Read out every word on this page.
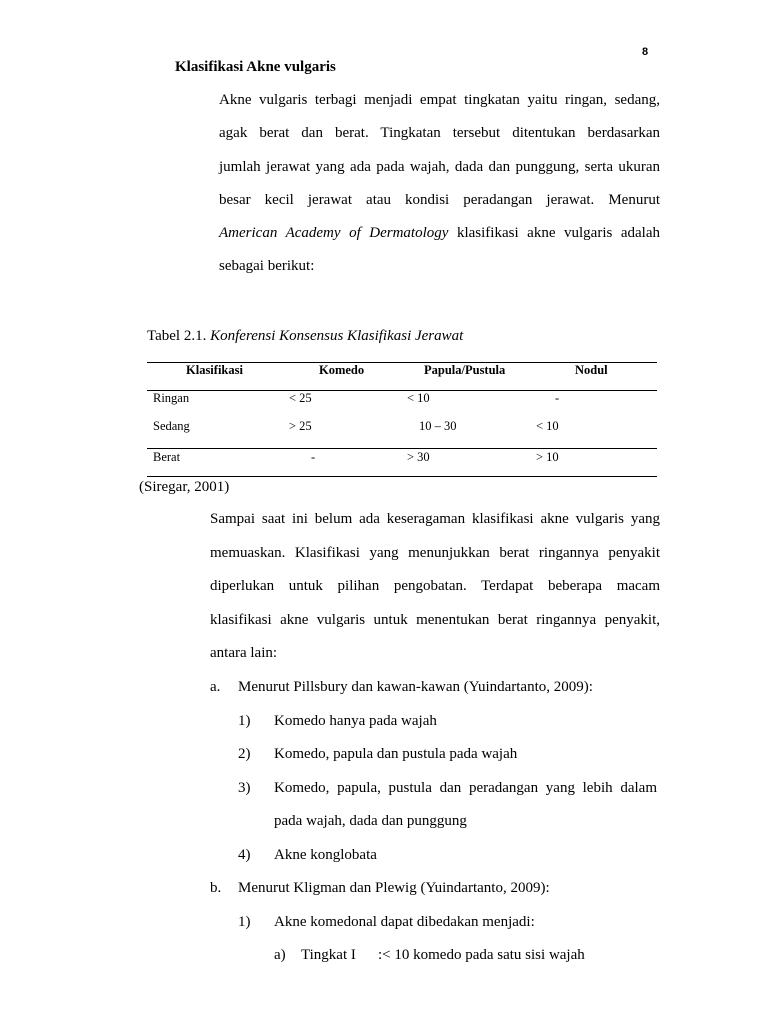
8
Klasifikasi Akne vulgaris
Akne vulgaris terbagi menjadi empat tingkatan yaitu ringan, sedang,
agak berat dan berat. Tingkatan tersebut ditentukan berdasarkan
jumlah jerawat yang ada pada wajah, dada dan punggung, serta ukuran
besar kecil jerawat atau kondisi peradangan jerawat. Menurut
American Academy of Dermatology klasifikasi akne vulgaris adalah
sebagai berikut:
Tabel 2.1. Konferensi Konsensus Klasifikasi Jerawat
Klasifikasi	Komedo	Papula/Pustula	Nodul
Ringan	< 25	< 10	-
Sedang	> 25	10 – 30	< 10
Berat	-	> 30	> 10
(Siregar, 2001)
Sampai saat ini belum ada keseragaman klasifikasi akne vulgaris yang
memuaskan. Klasifikasi yang menunjukkan berat ringannya penyakit
diperlukan untuk pilihan pengobatan. Terdapat beberapa macam
klasifikasi akne vulgaris untuk menentukan berat ringannya penyakit,
antara lain:
a. Menurut Pillsbury dan kawan-kawan (Yuindartanto, 2009):
1) Komedo hanya pada wajah
2) Komedo, papula dan pustula pada wajah
3) Komedo, papula, pustula dan peradangan yang lebih dalam
pada wajah, dada dan punggung
4) Akne konglobata
b. Menurut Kligman dan Plewig (Yuindartanto, 2009):
1) Akne komedonal dapat dibedakan menjadi:
a) Tingkat I :< 10 komedo pada satu sisi wajah
